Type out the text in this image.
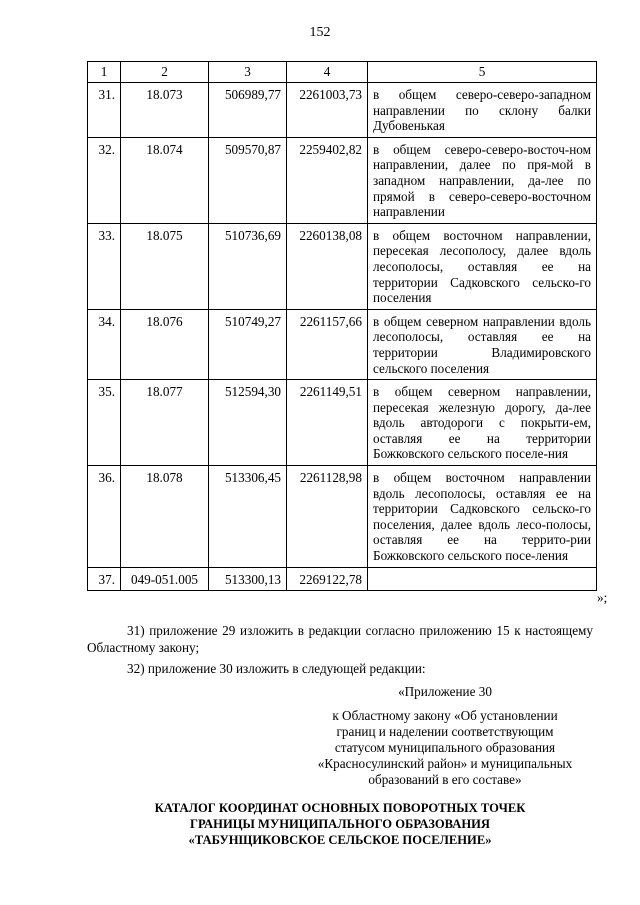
152
1	2	3	4	5
31.	18.073	506989,77	2261003,73	в общем северо-северо-западном направлении по склону балки Дубовенькая
32.	18.074	509570,87	2259402,82	в общем северо-северо-восточ-ном направлении, далее по пря-мой в западном направлении, да-лее по прямой в северо-северо-восточном направлении
33.	18.075	510736,69	2260138,08	в общем восточном направлении, пересекая лесополосу, далее вдоль лесополосы, оставляя ее на территории Садковского сельско-го поселения
34.	18.076	510749,27	2261157,66	в общем северном направлении вдоль лесополосы, оставляя ее на территории Владимировского сельского поселения
35.	18.077	512594,30	2261149,51	в общем северном направлении, пересекая железную дорогу, да-лее вдоль автодороги с покрыти-ем, оставляя ее на территории Божковского сельского поселе-ния
36.	18.078	513306,45	2261128,98	в общем восточном направлении вдоль лесополосы, оставляя ее на территории Садковского сельско-го поселения, далее вдоль лесо-полосы, оставляя ее на террито-рии Божковского сельского посе-ления
37.	049-051.005	513300,13	2269122,78	
»;
31) приложение 29 изложить в редакции согласно приложению 15 к настоящему Областному закону;
32) приложение 30 изложить в следующей редакции:
«Приложение 30
к Областному закону «Об установлении
границ и наделении соответствующим
статусом муниципального образования
«Красносулинский район» и муниципальных
образований в его составе»
КАТАЛОГ КООРДИНАТ ОСНОВНЫХ ПОВОРОТНЫХ ТОЧЕК
ГРАНИЦЫ МУНИЦИПАЛЬНОГО ОБРАЗОВАНИЯ
«ТАБУНЩИКОВСКОЕ СЕЛЬСКОЕ ПОСЕЛЕНИЕ»
